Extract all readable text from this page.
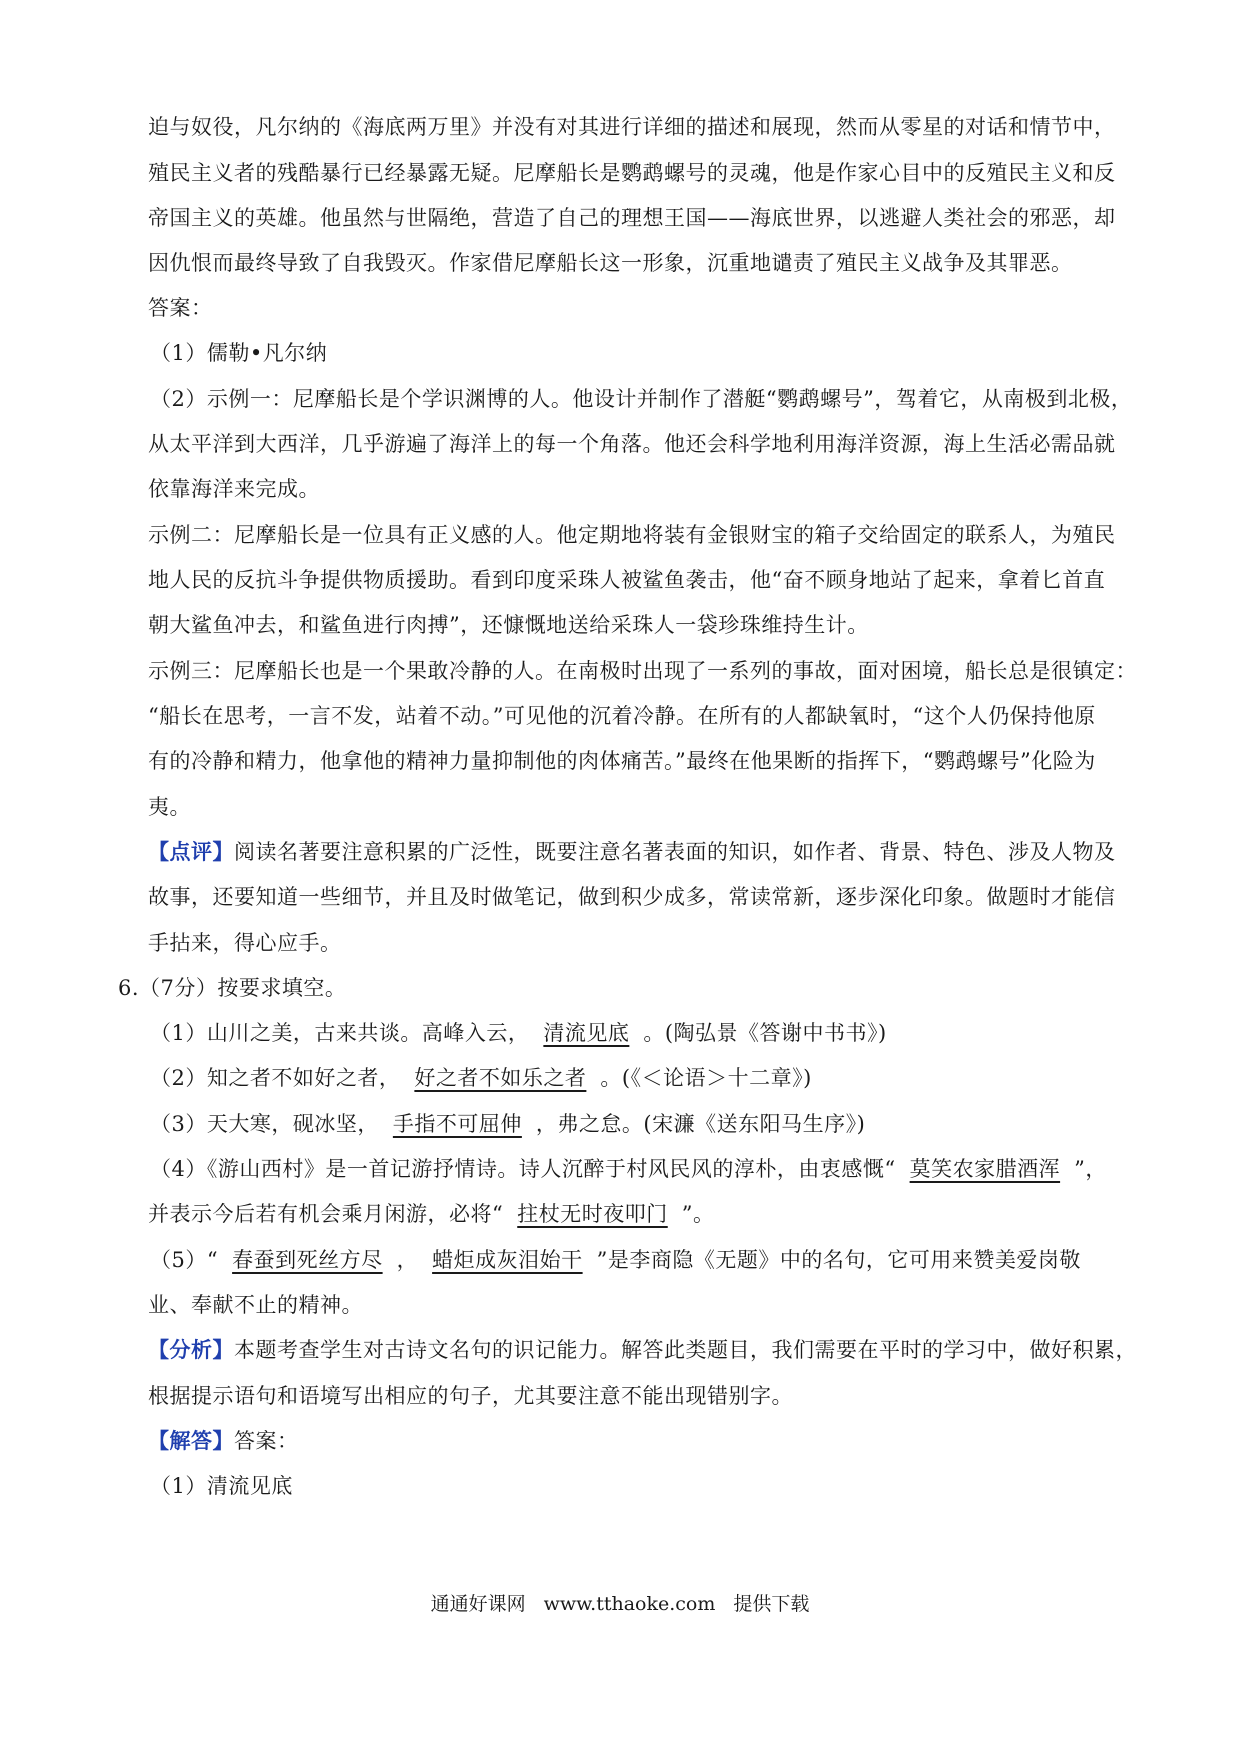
迫与奴役，凡尔纳的《海底两万里》并没有对其进行详细的描述和展现，然而从零星的对话和情节中，
殖民主义者的残酷暴行已经暴露无疑。尼摩船长是鹦鹉螺号的灵魂，他是作家心目中的反殖民主义和反
帝国主义的英雄。他虽然与世隔绝，营造了自己的理想王国——海底世界，以逃避人类社会的邪恶，却
因仇恨而最终导致了自我毁灭。作家借尼摩船长这一形象，沉重地谴责了殖民主义战争及其罪恶。
答案：
（1）儒勒•凡尔纳
（2）示例一：尼摩船长是个学识渊博的人。他设计并制作了潜艇“鹦鹉螺号”，驾着它，从南极到北极，
从太平洋到大西洋，几乎游遍了海洋上的每一个角落。他还会科学地利用海洋资源，海上生活必需品就
依靠海洋来完成。
示例二：尼摩船长是一位具有正义感的人。他定期地将装有金银财宝的箱子交给固定的联系人，为殖民
地人民的反抗斗争提供物质援助。看到印度采珠人被鲨鱼袭击，他“奋不顾身地站了起来，拿着匕首直
朝大鲨鱼冲去，和鲨鱼进行肉搏”，还慷慨地送给采珠人一袋珍珠维持生计。
示例三：尼摩船长也是一个果敢冷静的人。在南极时出现了一系列的事故，面对困境，船长总是很镇定：
“船长在思考，一言不发，站着不动。”可见他的沉着冷静。在所有的人都缺氧时，“这个人仍保持他原
有的冷静和精力，他拿他的精神力量抑制他的肉体痛苦。”最终在他果断的指挥下，“鹦鹉螺号”化险为
夷。
【点评】阅读名著要注意积累的广泛性，既要注意名著表面的知识，如作者、背景、特色、涉及人物及
故事，还要知道一些细节，并且及时做笔记，做到积少成多，常读常新，逐步深化印象。做题时才能信
手拈来，得心应手。
6.（7分）按要求填空。
（1）山川之美，古来共谈。高峰入云， 清流见底 。(陶弘景《答谢中书书》)
（2）知之者不如好之者， 好之者不如乐之者 。(《＜论语＞十二章》)
（3）天大寒，砚冰坚， 手指不可屈伸 ，弗之怠。(宋濂《送东阳马生序》)
（4）《游山西村》是一首记游抒情诗。诗人沉醉于村风民风的淳朴，由衷感慨“ 莫笑农家腊酒浑 ”，
并表示今后若有机会乘月闲游，必将“ 拄杖无时夜叩门 ”。
（5）“ 春蚕到死丝方尽 ， 蜡炬成灰泪始干 ”是李商隐《无题》中的名句，它可用来赞美爱岗敬
业、奉献不止的精神。
【分析】本题考查学生对古诗文名句的识记能力。解答此类题目，我们需要在平时的学习中，做好积累，
根据提示语句和语境写出相应的句子，尤其要注意不能出现错别字。
【解答】答案：
（1）清流见底
通通好课网 www.tthaoke.com 提供下载
